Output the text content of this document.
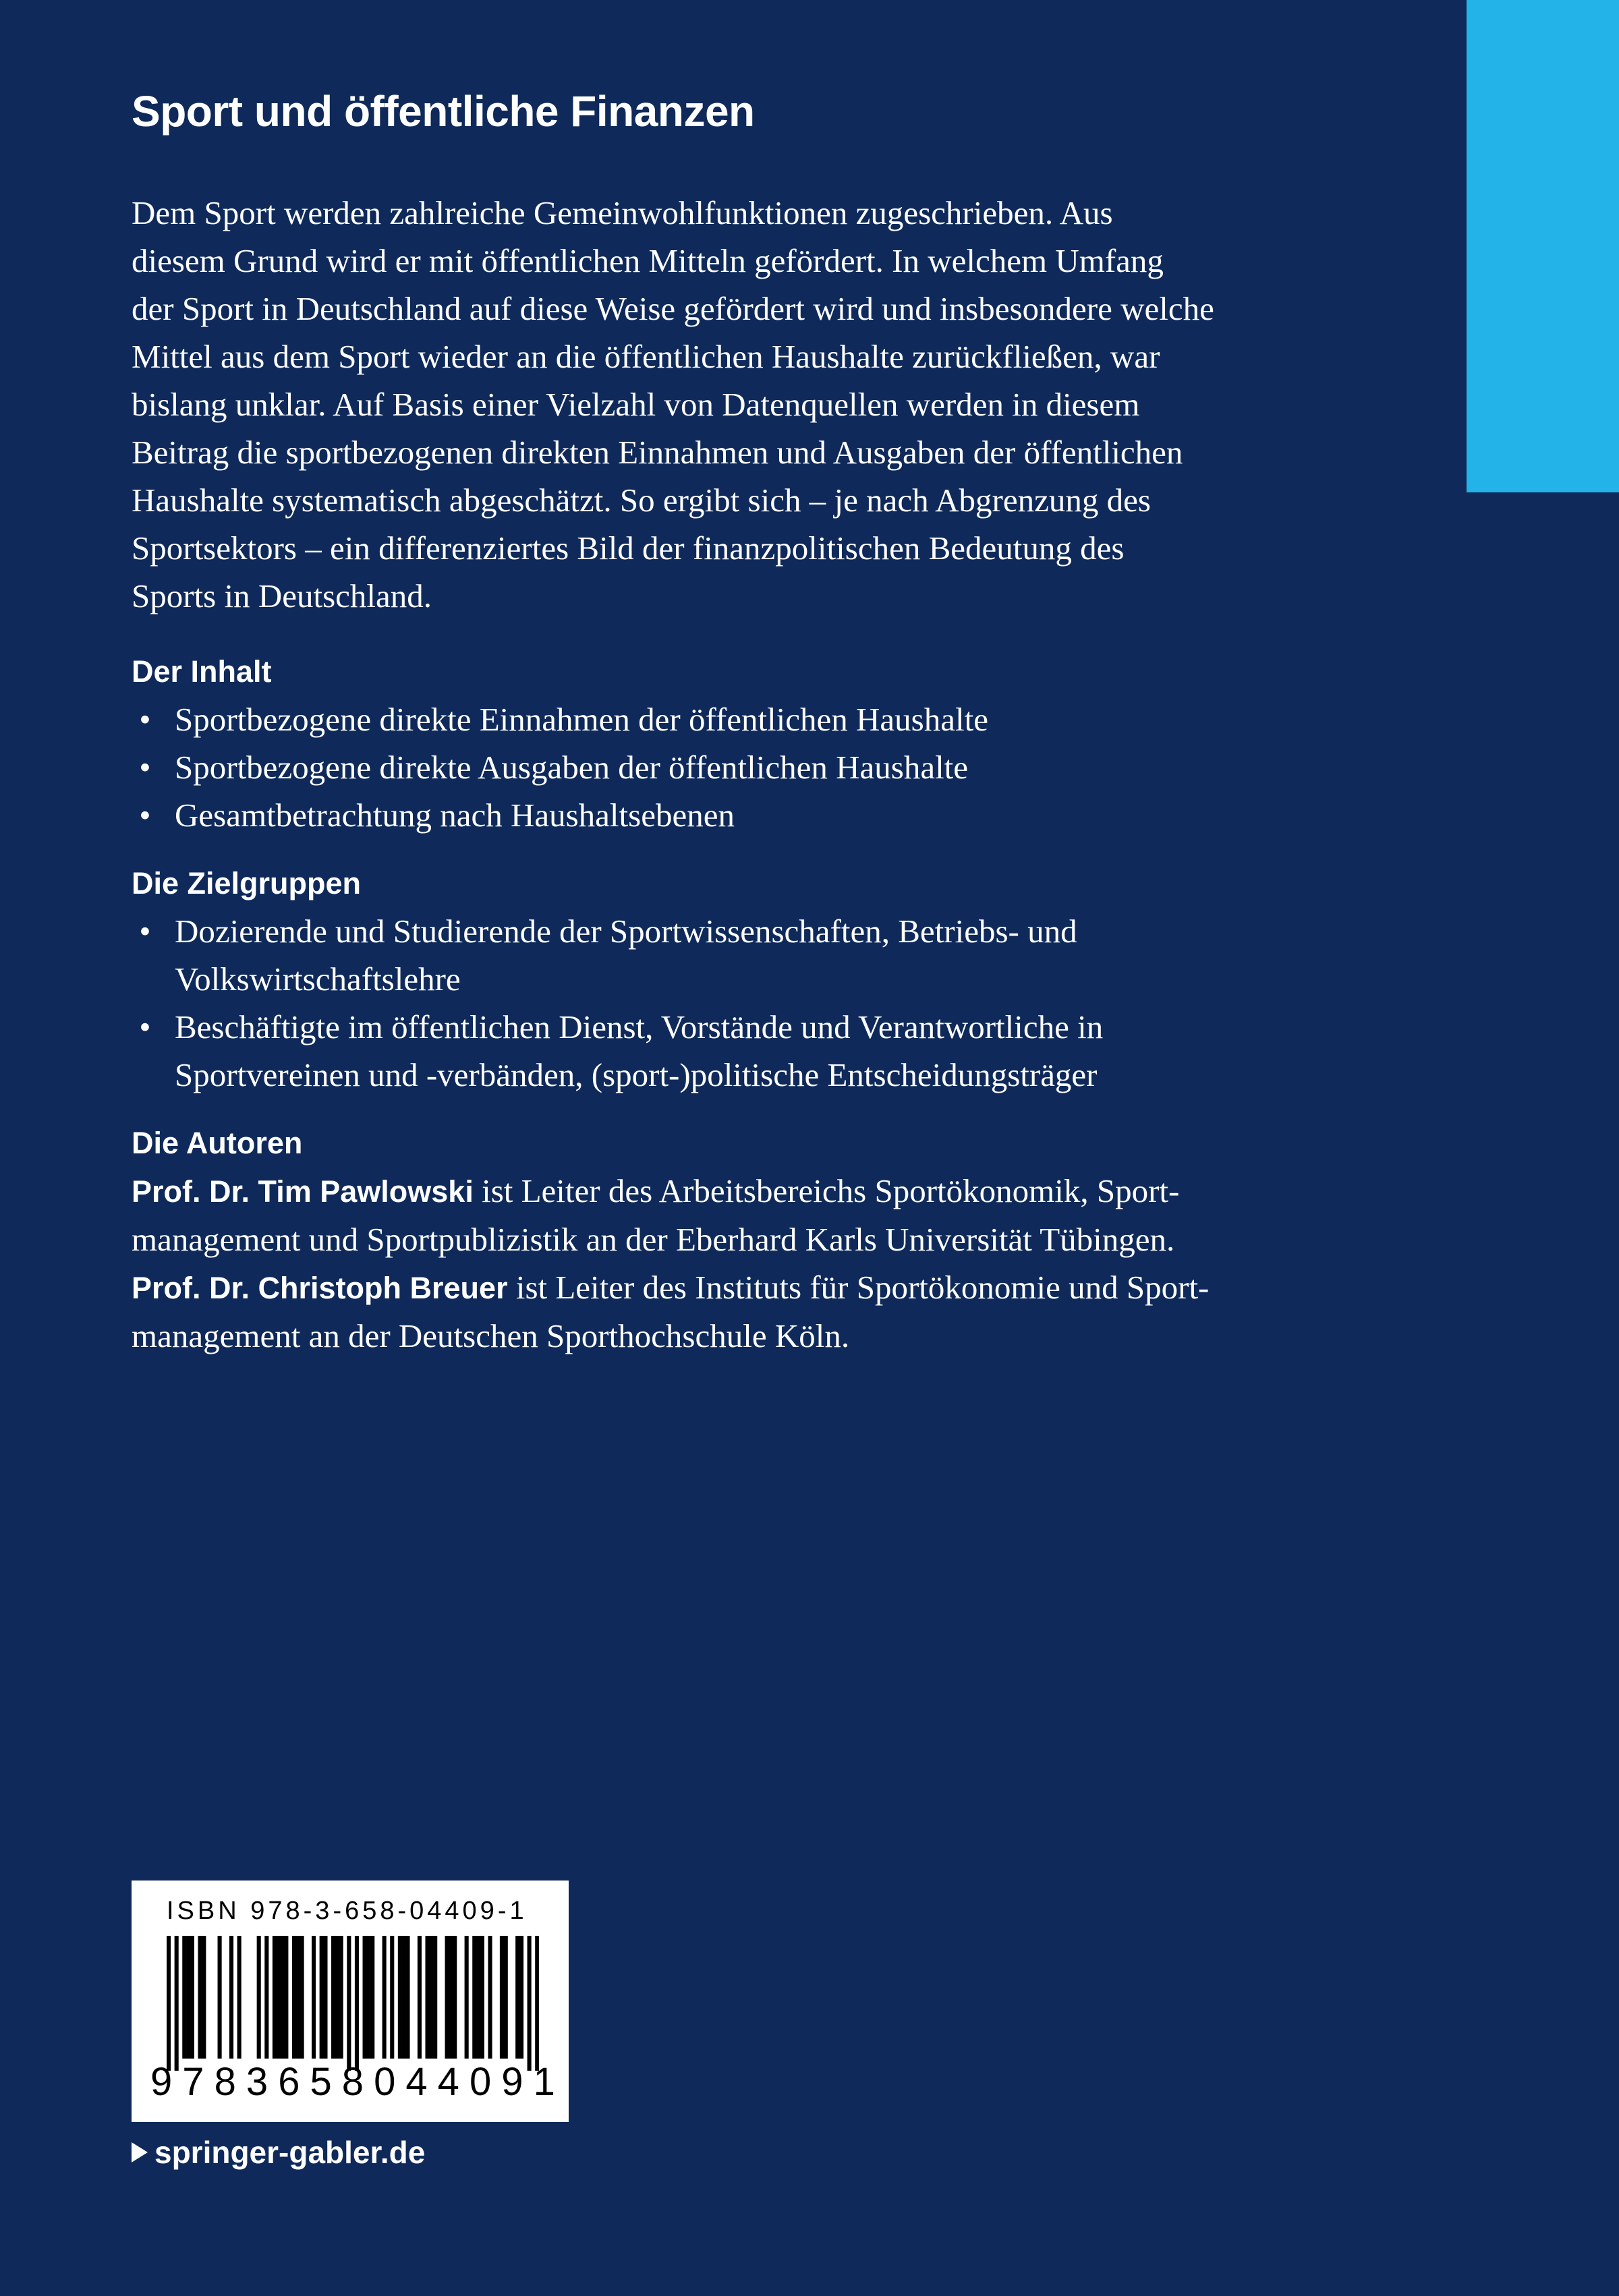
Sport und öffentliche Finanzen

Dem Sport werden zahlreiche Gemeinwohlfunktionen zugeschrieben. Aus
diesem Grund wird er mit öffentlichen Mitteln gefördert. In welchem Umfang
der Sport in Deutschland auf diese Weise gefördert wird und insbesondere welche
Mittel aus dem Sport wieder an die öffentlichen Haushalte zurückfließen, war
bislang unklar. Auf Basis einer Vielzahl von Datenquellen werden in diesem
Beitrag die sportbezogenen direkten Einnahmen und Ausgaben der öffentlichen
Haushalte systematisch abgeschätzt. So ergibt sich – je nach Abgrenzung des
Sportsektors – ein differenziertes Bild der finanzpolitischen Bedeutung des
Sports in Deutschland.

Der Inhalt
• Sportbezogene direkte Einnahmen der öffentlichen Haushalte
• Sportbezogene direkte Ausgaben der öffentlichen Haushalte
• Gesamtbetrachtung nach Haushaltsebenen
Die Zielgruppen
• Dozierende und Studierende der Sportwissenschaften, Betriebs- und
Volkswirtschaftslehre
• Beschäftigte im öffentlichen Dienst, Vorstände und Verantwortliche in
Sportvereinen und -verbänden, (sport-)politische Entscheidungsträger
Die Autoren

Prof. Dr. Tim Pawlowski ist Leiter des Arbeitsbereichs Sportökonomik, Sport-
management und Sportpublizistik an der Eberhard Karls Universität Tübingen.

Prof. Dr. Christoph Breuer ist Leiter des Instituts für Sportökonomie und Sport-
management an der Deutschen Sporthochschule Köln.

ISBN 978-3-658-04409-1
9 7 8 3 6 5 8 0 4 4 0 9 1
springer-gabler.de
